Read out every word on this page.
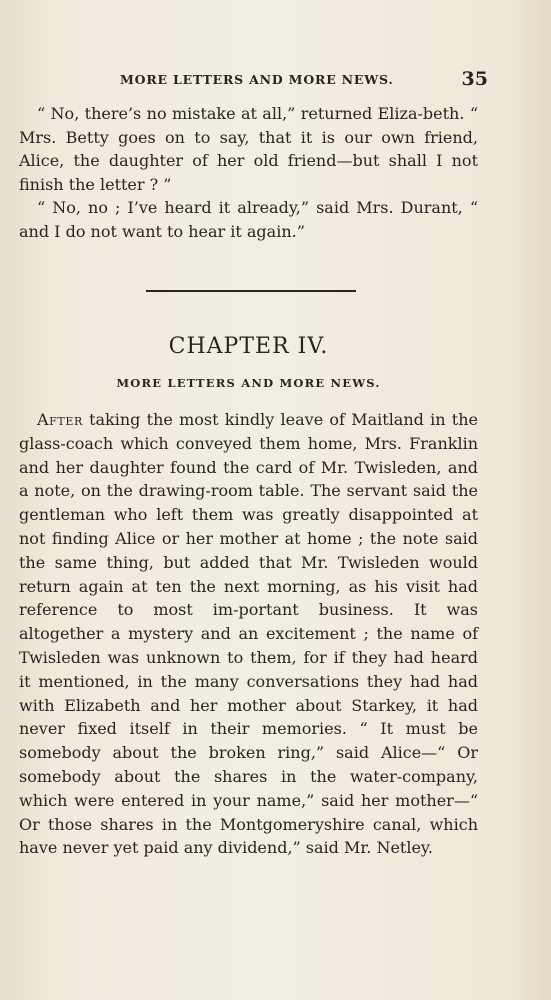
MORE LETTERS AND MORE NEWS.	35

“ No, there’s no mistake at all,” returned Eliza-beth. “ Mrs. Betty goes on to say, that it is our own friend, Alice, the daughter of her old friend—but shall I not finish the letter ? ”

“ No, no ; I’ve heard it already,” said Mrs. Durant, “ and I do not want to hear it again.”

CHAPTER IV.
MORE LETTERS AND MORE NEWS.

After taking the most kindly leave of Maitland in the glass-coach which conveyed them home, Mrs. Franklin and her daughter found the card of Mr. Twisleden, and a note, on the drawing-room table. The servant said the gentleman who left them was greatly disappointed at not finding Alice or her mother at home ; the note said the same thing, but added that Mr. Twisleden would return again at ten the next morning, as his visit had reference to most im-portant business. It was altogether a mystery and an excitement ; the name of Twisleden was unknown to them, for if they had heard it mentioned, in the many conversations they had had with Elizabeth and her mother about Starkey, it had never fixed itself in their memories. “ It must be somebody about the broken ring,” said Alice—“ Or somebody about the shares in the water-company, which were entered in your name,” said her mother—“ Or those shares in the Montgomeryshire canal, which have never yet paid any dividend,” said Mr. Netley.
